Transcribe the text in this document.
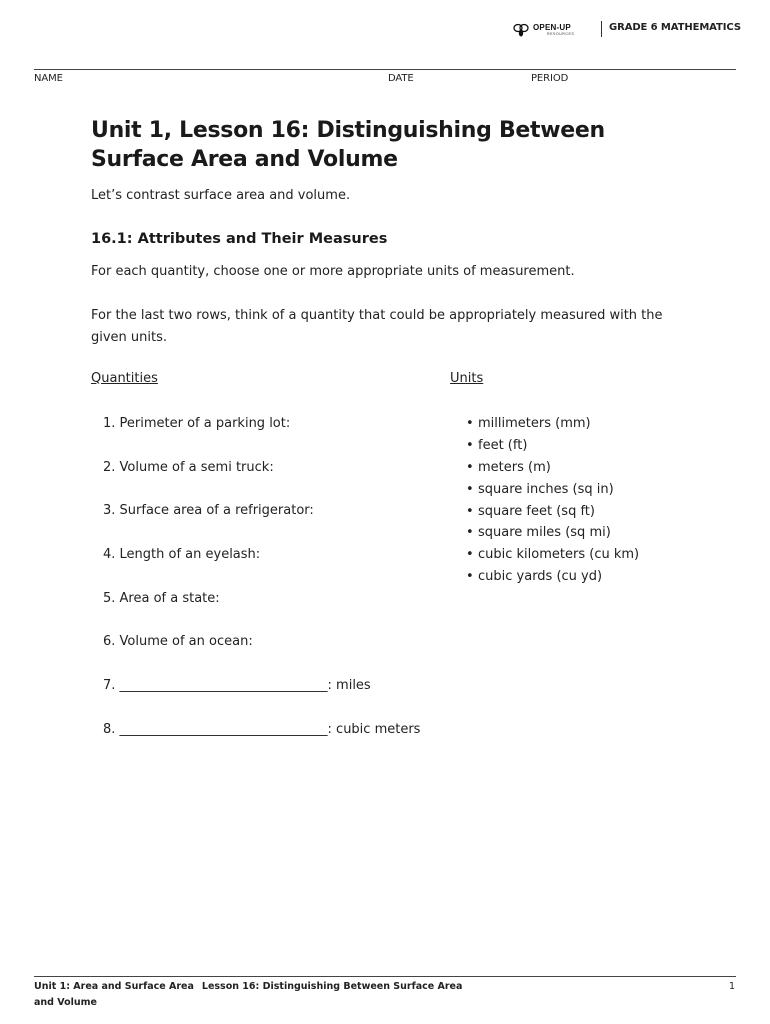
OPEN-UP
RESOURCES
GRADE 6 MATHEMATICS
NAME	DATE	PERIOD
Unit 1, Lesson 16: Distinguishing Between Surface Area and Volume

Let’s contrast surface area and volume.

16.1: Attributes and Their Measures

For each quantity, choose one or more appropriate units of measurement.

For the last two rows, think of a quantity that could be appropriately measured with the given units.

Quantities	Units
1. Perimeter of a parking lot:
2. Volume of a semi truck:
3. Surface area of a refrigerator:
4. Length of an eyelash:
5. Area of a state:
6. Volume of an ocean:
7. ________________________________: miles
8. ________________________________: cubic meters
• millimeters (mm)
• feet (ft)
• meters (m)
• square inches (sq in)
• square feet (sq ft)
• square miles (sq mi)
• cubic kilometers (cu km)
• cubic yards (cu yd)
Unit 1: Area and Surface Area Lesson 16: Distinguishing Between Surface Area and Volume
1
